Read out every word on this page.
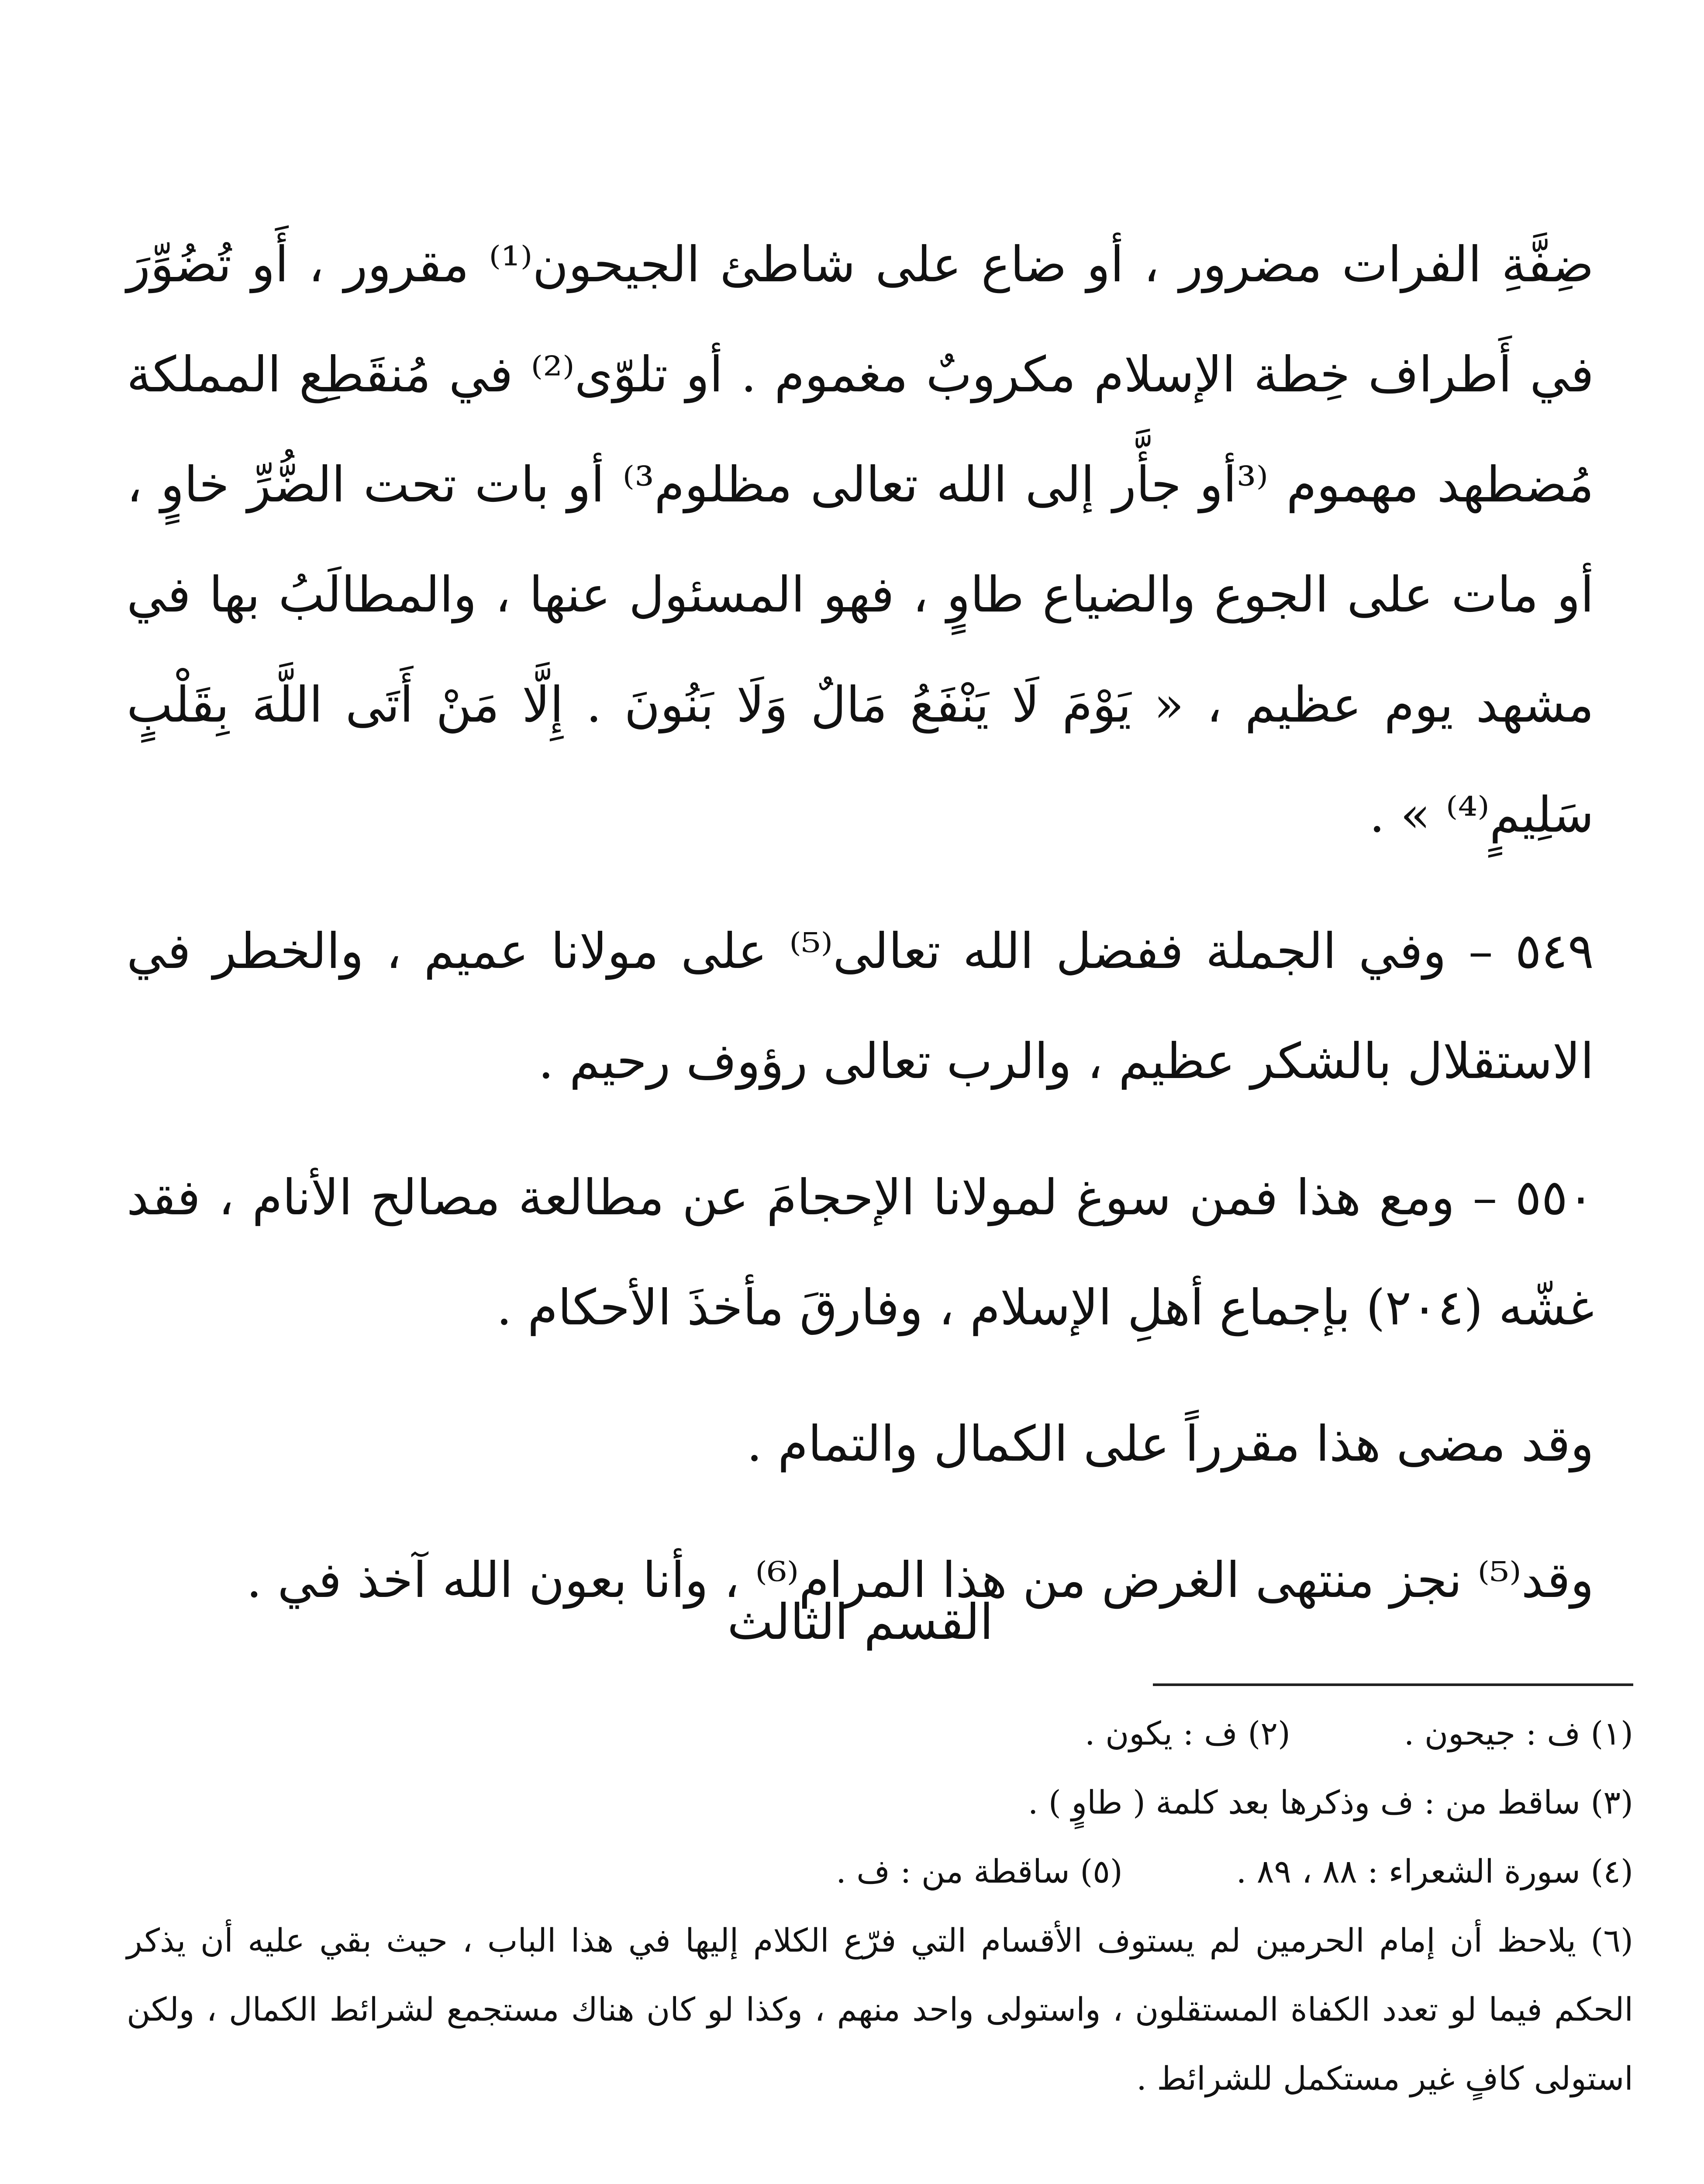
ضِفَّةِ الفرات مضرور ، أو ضاع على شاطئ الجيحون⁽¹⁾ مقرور ، أَو تُضُوِّرَ في أَطراف خِطة الإسلام مكروبٌ مغموم . أو تلوّى⁽²⁾ في مُنقَطِع المملكة مُضطهد مهموم ⁽³أو جأَّر إلى الله تعالى مظلوم³⁾ أو بات تحت الضُّرِّ خاوٍ ، أو مات على الجوع والضياع طاوٍ ، فهو المسئول عنها ، والمطالَبُ بها في مشهد يوم عظيم ، « يَوْمَ لَا يَنْفَعُ مَالٌ وَلَا بَنُونَ . إِلَّا مَنْ أَتَى اللَّهَ بِقَلْبٍ سَلِيمٍ⁽⁴⁾ » .

٥٤٩ – وفي الجملة ففضل الله تعالى⁽⁵⁾ على مولانا عميم ، والخطر في الاستقلال بالشكر عظيم ، والرب تعالى رؤوف رحيم .

٥٥٠ – ومع هذا فمن سوغ لمولانا الإحجامَ عن مطالعة مصالح الأنام ، فقد غشّه (٢٠٤) بإجماع أهلِ الإسلام ، وفارقَ مأخذَ الأحكام .

وقد مضى هذا مقرراً على الكمال والتمام .

وقد⁽⁵⁾ نجز منتهى الغرض من هذا المرام⁽⁶⁾ ، وأنا بعون الله آخذ في .

القسم الثالث

(١) ف : جيحون .

(٢) ف : يكون .

(٣) ساقط من : ف وذكرها بعد كلمة ( طاوٍ ) .

(٤) سورة الشعراء : ٨٨ ، ٨٩ .

(٥) ساقطة من : ف .

(٦) يلاحظ أن إمام الحرمين لم يستوف الأقسام التي فرّع الكلام إليها في هذا الباب ، حيث بقي عليه أن يذكر الحكم فيما لو تعدد الكفاة المستقلون ، واستولى واحد منهم ، وكذا لو كان هناك مستجمع لشرائط الكمال ، ولكن استولى كافٍ غير مستكمل للشرائط .
